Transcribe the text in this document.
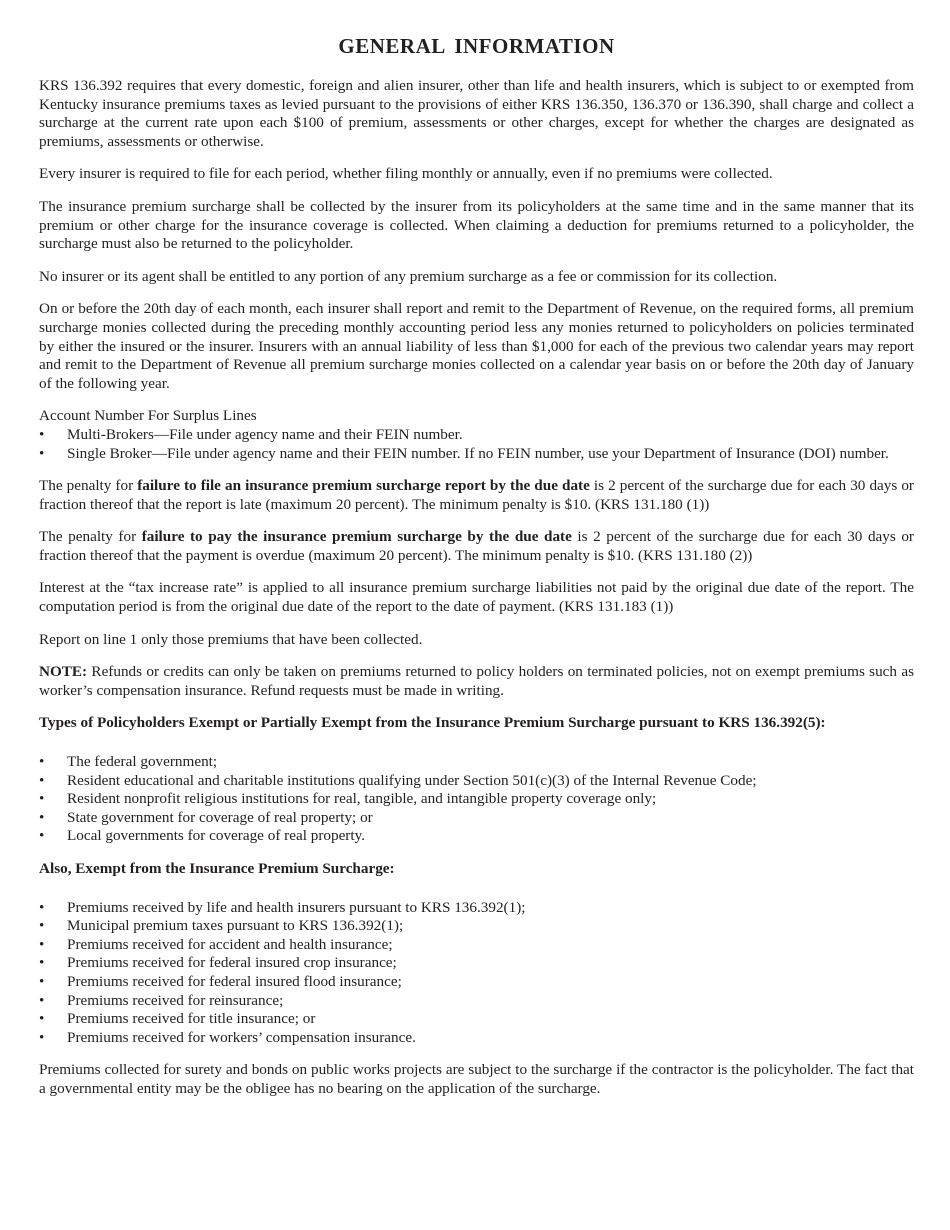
GENERAL INFORMATION

KRS 136.392 requires that every domestic, foreign and alien insurer, other than life and health insurers, which is subject to or exempted from Kentucky insurance premiums taxes as levied pursuant to the provisions of either KRS 136.350, 136.370 or 136.390, shall charge and collect a surcharge at the current rate upon each $100 of premium, assessments or other charges, except for whether the charges are designated as premiums, assessments or otherwise.

Every insurer is required to file for each period, whether filing monthly or annually, even if no premiums were collected.

The insurance premium surcharge shall be collected by the insurer from its policyholders at the same time and in the same manner that its premium or other charge for the insurance coverage is collected. When claiming a deduction for premiums returned to a policyholder, the surcharge must also be returned to the policyholder.

No insurer or its agent shall be entitled to any portion of any premium surcharge as a fee or commission for its collection.

On or before the 20th day of each month, each insurer shall report and remit to the Department of Revenue, on the required forms, all premium surcharge monies collected during the preceding monthly accounting period less any monies returned to policyholders on policies terminated by either the insured or the insurer. Insurers with an annual liability of less than $1,000 for each of the previous two calendar years may report and remit to the Department of Revenue all premium surcharge monies collected on a calendar year basis on or before the 20th day of January of the following year.

Account Number For Surplus Lines
• Multi-Brokers—File under agency name and their FEIN number.
• Single Broker—File under agency name and their FEIN number. If no FEIN number, use your Department of Insurance (DOI) number.

The penalty for failure to file an insurance premium surcharge report by the due date is 2 percent of the surcharge due for each 30 days or fraction thereof that the report is late (maximum 20 percent). The minimum penalty is $10. (KRS 131.180 (1))

The penalty for failure to pay the insurance premium surcharge by the due date is 2 percent of the surcharge due for each 30 days or fraction thereof that the payment is overdue (maximum 20 percent). The minimum penalty is $10. (KRS 131.180 (2))

Interest at the “tax increase rate” is applied to all insurance premium surcharge liabilities not paid by the original due date of the report. The computation period is from the original due date of the report to the date of payment. (KRS 131.183 (1))

Report on line 1 only those premiums that have been collected.

NOTE: Refunds or credits can only be taken on premiums returned to policy holders on terminated policies, not on exempt premiums such as worker’s compensation insurance. Refund requests must be made in writing.

Types of Policyholders Exempt or Partially Exempt from the Insurance Premium Surcharge pursuant to KRS 136.392(5):
• The federal government;
• Resident educational and charitable institutions qualifying under Section 501(c)(3) of the Internal Revenue Code;
• Resident nonprofit religious institutions for real, tangible, and intangible property coverage only;
• State government for coverage of real property; or
• Local governments for coverage of real property.
Also, Exempt from the Insurance Premium Surcharge:
• Premiums received by life and health insurers pursuant to KRS 136.392(1);
• Municipal premium taxes pursuant to KRS 136.392(1);
• Premiums received for accident and health insurance;
• Premiums received for federal insured crop insurance;
• Premiums received for federal insured flood insurance;
• Premiums received for reinsurance;
• Premiums received for title insurance; or
• Premiums received for workers’ compensation insurance.

Premiums collected for surety and bonds on public works projects are subject to the surcharge if the contractor is the policyholder. The fact that a governmental entity may be the obligee has no bearing on the application of the surcharge.
